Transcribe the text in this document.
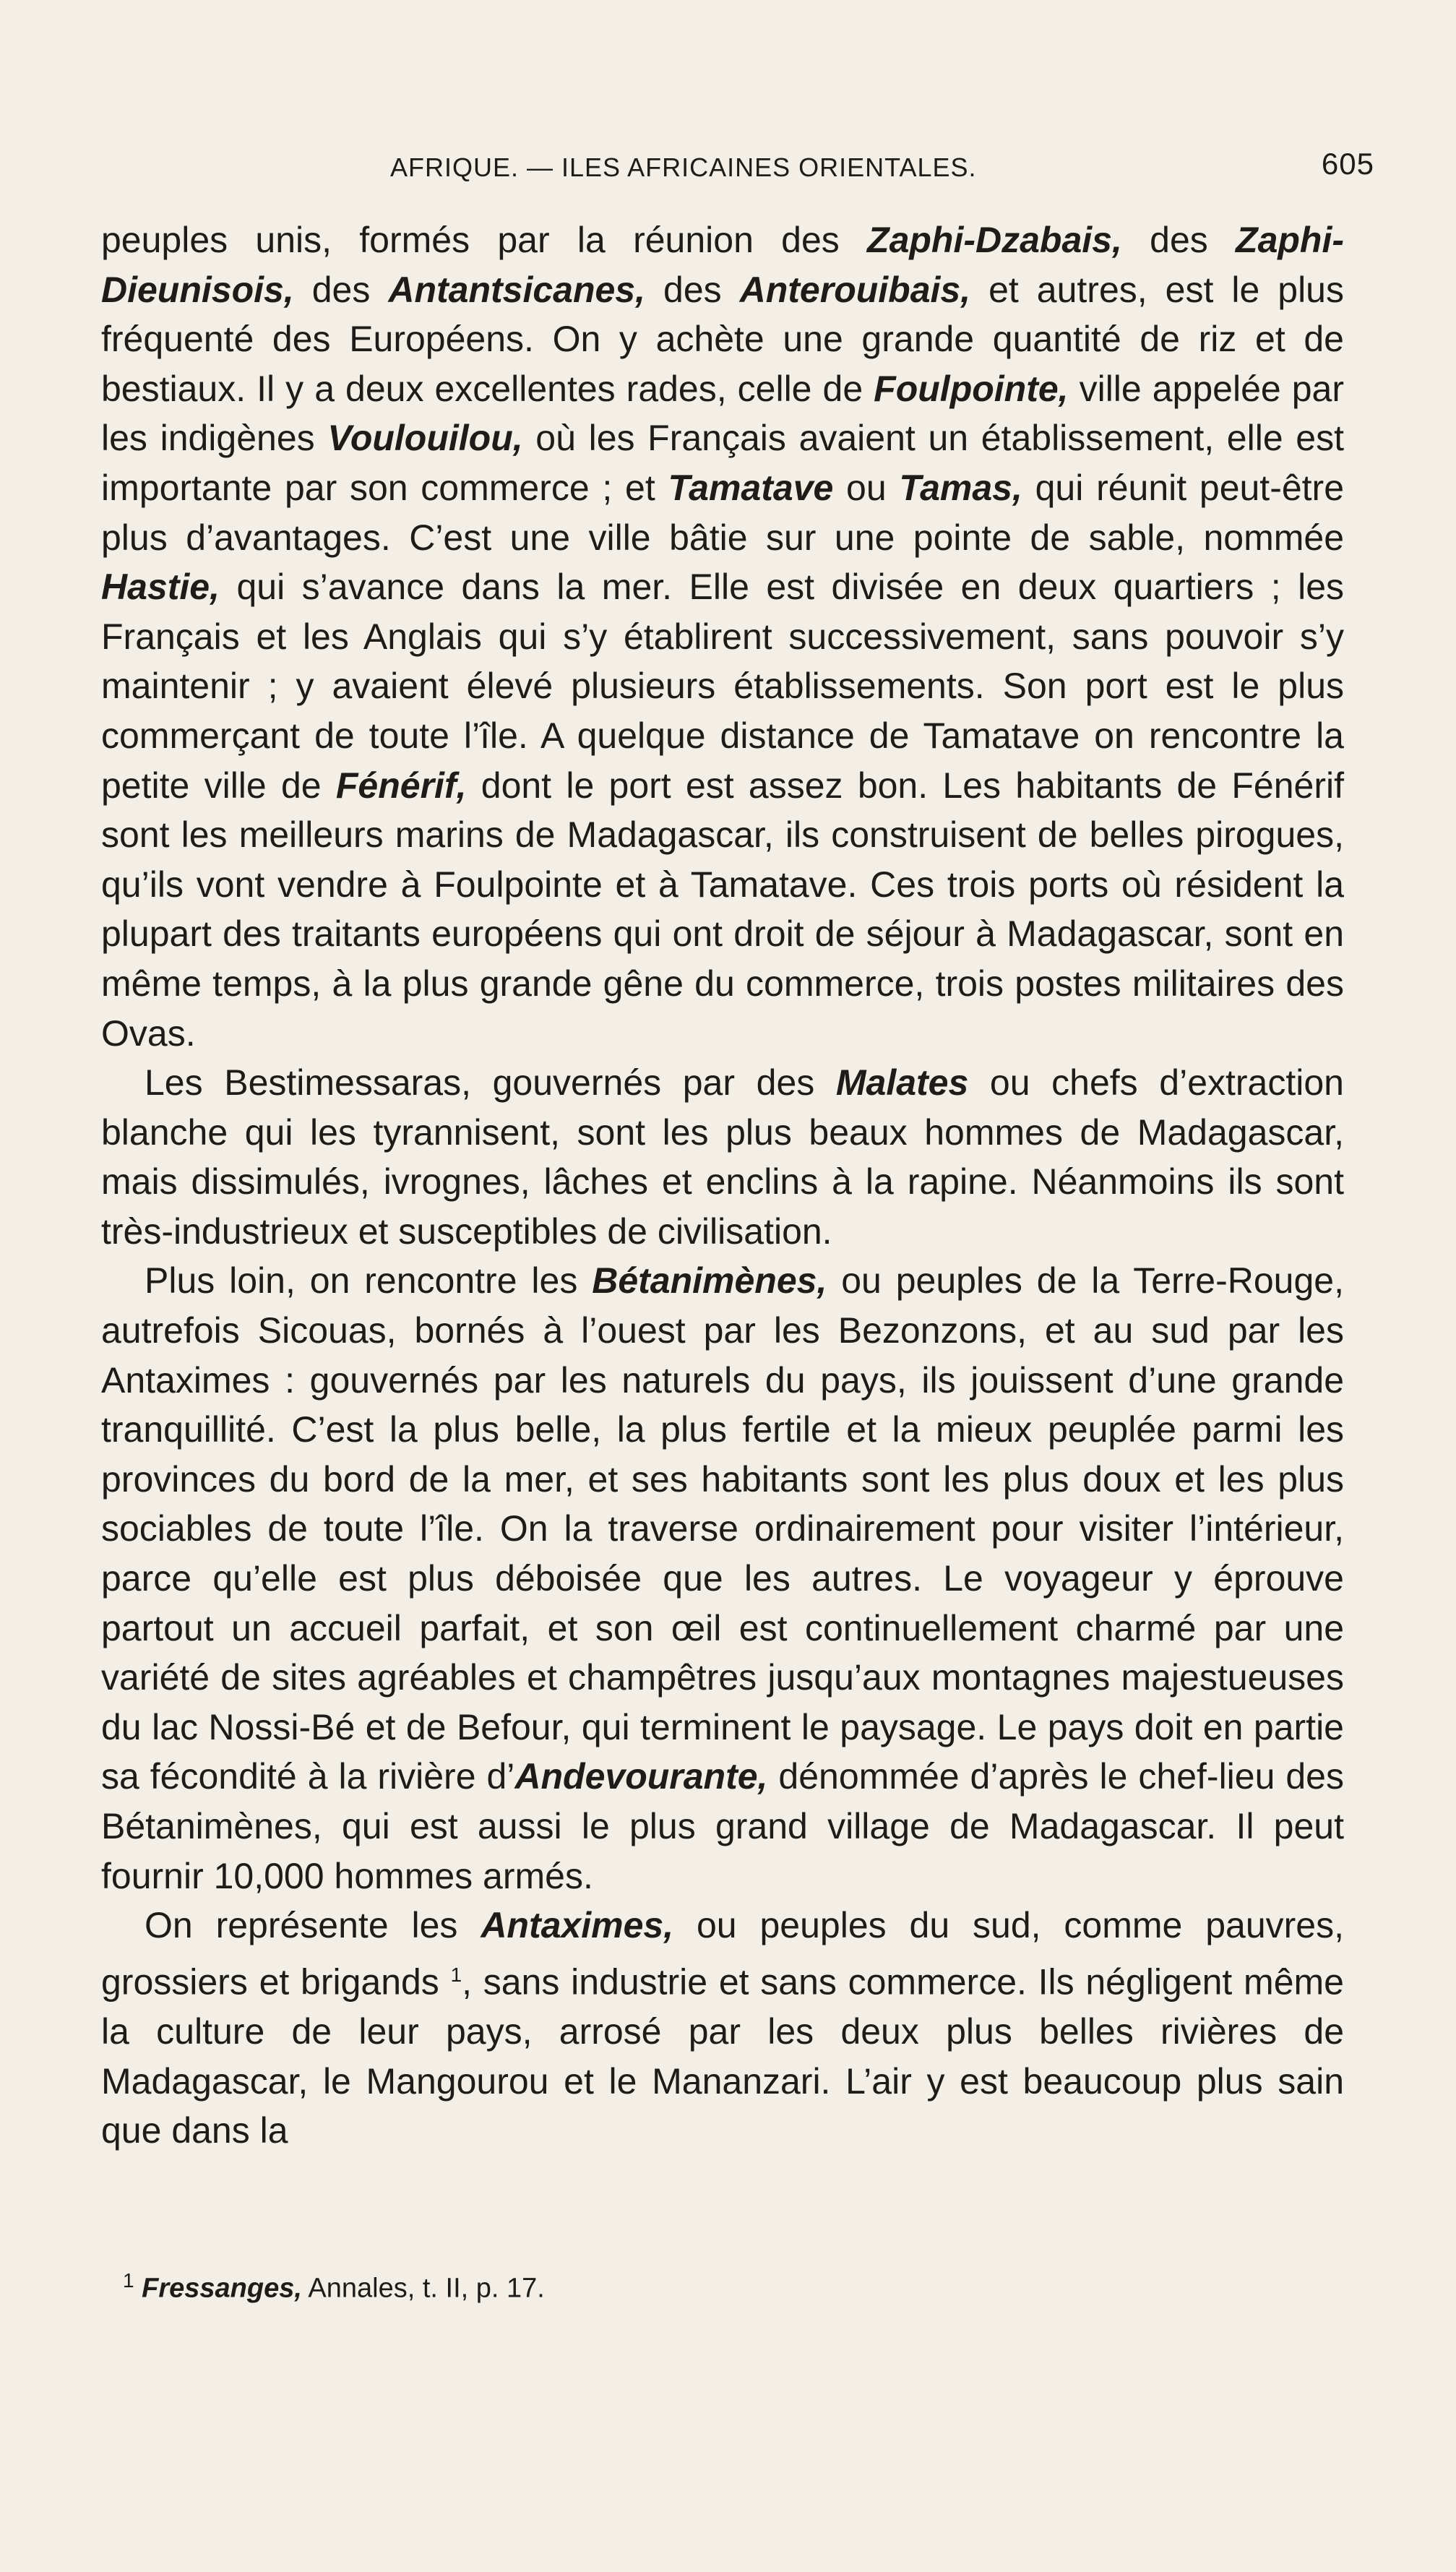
AFRIQUE. — ILES AFRICAINES ORIENTALES.	605

peuples unis, formés par la réunion des Zaphi-Dzabais, des Zaphi-Dieunisois, des Antantsicanes, des Anterouibais, et autres, est le plus fréquenté des Européens. On y achète une grande quantité de riz et de bestiaux. Il y a deux excellentes rades, celle de Foulpointe, ville appelée par les indigènes Voulouilou, où les Français avaient un établissement, elle est importante par son commerce ; et Tamatave ou Tamas, qui réunit peut-être plus d’avantages. C’est une ville bâtie sur une pointe de sable, nommée Hastie, qui s’avance dans la mer. Elle est divisée en deux quartiers ; les Français et les Anglais qui s’y établirent successivement, sans pouvoir s’y maintenir ; y avaient élevé plusieurs établissements. Son port est le plus commerçant de toute l’île. A quelque distance de Tamatave on rencontre la petite ville de Fénérif, dont le port est assez bon. Les habitants de Fénérif sont les meilleurs marins de Madagascar, ils construisent de belles pirogues, qu’ils vont vendre à Foulpointe et à Tamatave. Ces trois ports où résident la plupart des traitants européens qui ont droit de séjour à Madagascar, sont en même temps, à la plus grande gêne du commerce, trois postes militaires des Ovas.

Les Bestimessaras, gouvernés par des Malates ou chefs d’extraction blanche qui les tyrannisent, sont les plus beaux hommes de Madagascar, mais dissimulés, ivrognes, lâches et enclins à la rapine. Néanmoins ils sont très-industrieux et susceptibles de civilisation.

Plus loin, on rencontre les Bétanimènes, ou peuples de la Terre-Rouge, autrefois Sicouas, bornés à l’ouest par les Bezonzons, et au sud par les Antaximes : gouvernés par les naturels du pays, ils jouissent d’une grande tranquillité. C’est la plus belle, la plus fertile et la mieux peuplée parmi les provinces du bord de la mer, et ses habitants sont les plus doux et les plus sociables de toute l’île. On la traverse ordinairement pour visiter l’intérieur, parce qu’elle est plus déboisée que les autres. Le voyageur y éprouve partout un accueil parfait, et son œil est continuellement charmé par une variété de sites agréables et champêtres jusqu’aux montagnes majestueuses du lac Nossi-Bé et de Befour, qui terminent le paysage. Le pays doit en partie sa fécondité à la rivière d’Andevourante, dénommée d’après le chef-lieu des Bétanimènes, qui est aussi le plus grand village de Madagascar. Il peut fournir 10,000 hommes armés.

On représente les Antaximes, ou peuples du sud, comme pauvres, grossiers et brigands $^1$, sans industrie et sans commerce. Ils négligent même la culture de leur pays, arrosé par les deux plus belles rivières de Madagascar, le Mangourou et le Mananzari. L’air y est beaucoup plus sain que dans la

$^1$ Fressanges, Annales, t. II, p. 17.
